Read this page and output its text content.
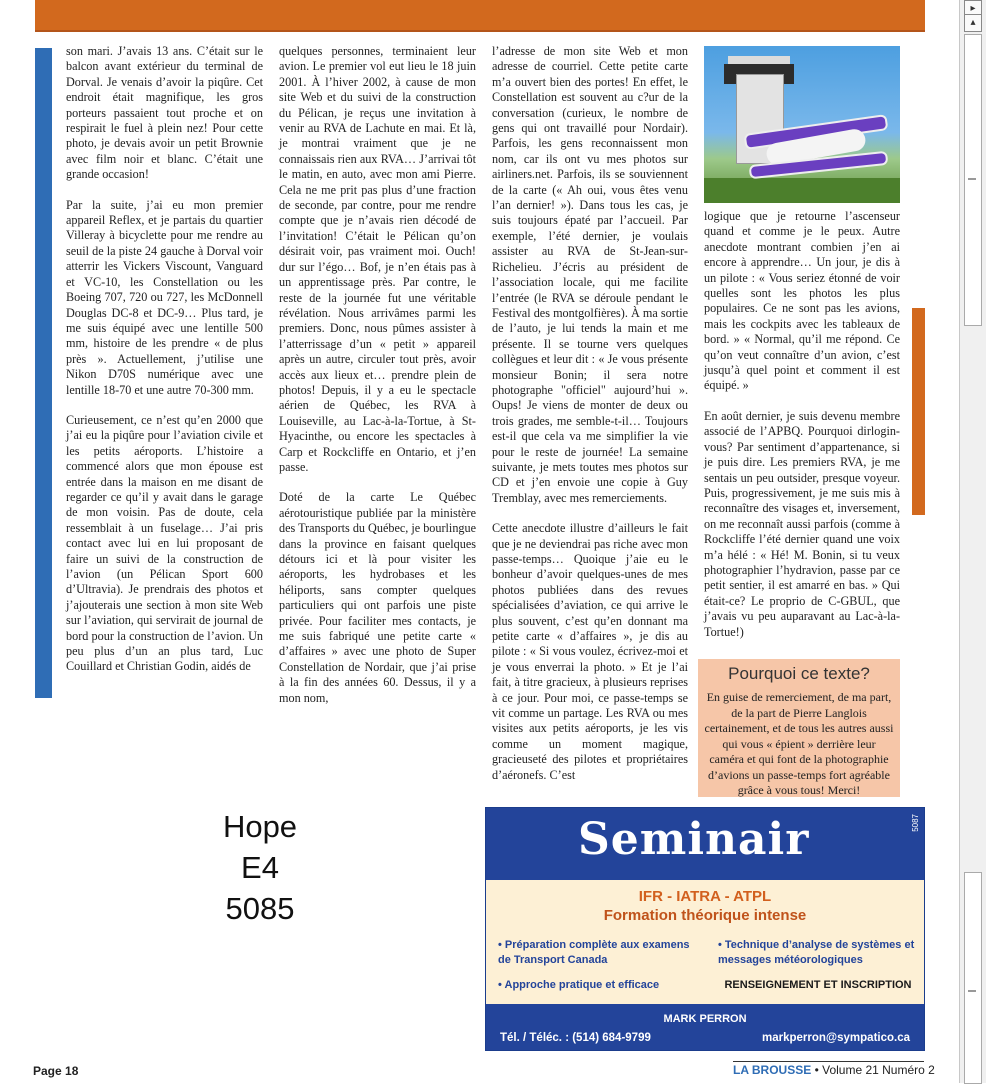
son mari. J’avais 13 ans. C’était sur le balcon avant extérieur du terminal de Dorval. Je venais d’avoir la piqûre. Cet endroit était magnifique, les gros porteurs passaient tout proche et on respirait le fuel à plein nez! Pour cette photo, je devais avoir un petit Brownie avec film noir et blanc. C’était une grande occasion!

Par la suite, j’ai eu mon premier appareil Reflex, et je partais du quartier Villeray à bicyclette pour me rendre au seuil de la piste 24 gauche à Dorval voir atterrir les Vickers Viscount, Vanguard et VC-10, les Constellation ou les Boeing 707, 720 ou 727, les McDonnell Douglas DC-8 et DC-9… Plus tard, je me suis équipé avec une lentille 500 mm, histoire de les prendre « de plus près ». Actuellement, j’utilise une Nikon D70S numérique avec une lentille 18-70 et une autre 70-300 mm.

Curieusement, ce n’est qu’en 2000 que j’ai eu la piqûre pour l’aviation civile et les petits aéroports. L’histoire a commencé alors que mon épouse est entrée dans la maison en me disant de regarder ce qu’il y avait dans le garage de mon voisin. Pas de doute, cela ressemblait à un fuselage… J’ai pris contact avec lui en lui proposant de faire un suivi de la construction de l’avion (un Pélican Sport 600 d’Ultravia). Je prendrais des photos et j’ajouterais une section à mon site Web sur l’aviation, qui servirait de journal de bord pour la construction de l’avion. Un peu plus d’un an plus tard, Luc Couillard et Christian Godin, aidés de

quelques personnes, terminaient leur avion. Le premier vol eut lieu le 18 juin 2001. À l’hiver 2002, à cause de mon site Web et du suivi de la construction du Pélican, je reçus une invitation à venir au RVA de Lachute en mai. Et là, je montrai vraiment que je ne connaissais rien aux RVA… J’arrivai tôt le matin, en auto, avec mon ami Pierre. Cela ne me prit pas plus d’une fraction de seconde, par contre, pour me rendre compte que je n’avais rien décodé de l’invitation! C’était le Pélican qu’on désirait voir, pas vraiment moi. Ouch! dur sur l’égo… Bof, je n’en étais pas à un apprentissage près. Par contre, le reste de la journée fut une véritable révélation. Nous arrivâmes parmi les premiers. Donc, nous pûmes assister à l’atterrissage d’un « petit » appareil après un autre, circuler tout près, avoir accès aux lieux et… prendre plein de photos! Depuis, il y a eu le spectacle aérien de Québec, les RVA à Louiseville, au Lac-à-la-Tortue, à St-Hyacinthe, ou encore les spectacles à Carp et Rockcliffe en Ontario, et j’en passe.

Doté de la carte Le Québec aérotouristique publiée par la ministère des Transports du Québec, je bourlingue dans la province en faisant quelques détours ici et là pour visiter les aéroports, les hydrobases et les héliports, sans compter quelques particuliers qui ont parfois une piste privée. Pour faciliter mes contacts, je me suis fabriqué une petite carte « d’affaires » avec une photo de Super Constellation de Nordair, que j’ai prise à la fin des années 60. Dessus, il y a mon nom,

l’adresse de mon site Web et mon adresse de courriel. Cette petite carte m’a ouvert bien des portes! En effet, le Constellation est souvent au c?ur de la conversation (curieux, le nombre de gens qui ont travaillé pour Nordair). Parfois, les gens reconnaissent mon nom, car ils ont vu mes photos sur airliners.net. Parfois, ils se souviennent de la carte (« Ah oui, vous êtes venu l’an dernier! »). Dans tous les cas, je suis toujours épaté par l’accueil. Par exemple, l’été dernier, je voulais assister au RVA de St-Jean-sur-Richelieu. J’écris au président de l’association locale, qui me facilite l’entrée (le RVA se déroule pendant le Festival des montgolfières). À ma sortie de l’auto, je lui tends la main et me présente. Il se tourne vers quelques collègues et leur dit : « Je vous présente monsieur Bonin; il sera notre photographe "officiel" aujourd’hui ». Oups! Je viens de monter de deux ou trois grades, me semble-t-il… Toujours est-il que cela va me simplifier la vie pour le reste de journée! La semaine suivante, je mets toutes mes photos sur CD et j’en envoie une copie à Guy Tremblay, avec mes remerciements.

Cette anecdote illustre d’ailleurs le fait que je ne deviendrai pas riche avec mon passe-temps… Quoique j’aie eu le bonheur d’avoir quelques-unes de mes photos publiées dans des revues spécialisées d’aviation, ce qui arrive le plus souvent, c’est qu’en donnant ma petite carte « d’affaires », je dis au pilote : « Si vous voulez, écrivez-moi et je vous enverrai la photo. » Et je l’ai fait, à titre gracieux, à plusieurs reprises à ce jour. Pour moi, ce passe-temps se vit comme un partage. Les RVA ou mes visites aux petits aéroports, je les vis comme un moment magique, gracieuseté des pilotes et propriétaires d’aéronefs. C’est

logique que je retourne l’ascenseur quand et comme je le peux. Autre anecdote montrant combien j’en ai encore à apprendre… Un jour, je dis à un pilote : « Vous seriez étonné de voir quelles sont les photos les plus populaires. Ce ne sont pas les avions, mais les cockpits avec les tableaux de bord. » « Normal, qu’il me répond. Ce qu’on veut connaître d’un avion, c’est jusqu’à quel point et comment il est équipé. »

En août dernier, je suis devenu membre associé de l’APBQ. Pourquoi dirlogin-vous? Par sentiment d’appartenance, si je puis dire. Les premiers RVA, je me sentais un peu outsider, presque voyeur. Puis, progressivement, je me suis mis à reconnaître des visages et, inversement, on me reconnaît aussi parfois (comme à Rockcliffe l’été dernier quand une voix m’a hélé : « Hé! M. Bonin, si tu veux photographier l’hydravion, passe par ce petit sentier, il est amarré en bas. » Qui était-ce? Le proprio de C-GBUL, que j’avais vu peu auparavant au Lac-à-la-Tortue!)

Pourquoi ce texte?
En guise de remerciement, de ma part, de la part de Pierre Langlois certainement, et de tous les autres aussi qui vous « épient » derrière leur caméra et qui font de la photographie d’avions un passe-temps fort agréable grâce à vous tous! Merci!
Hope
E4
5085
Seminair	5087
IFR - IATRA - ATPL
Formation théorique intense
• Préparation complète aux examens de Transport Canada
• Technique d’analyse de systèmes et messages météorologiques
• Approche pratique et efficace	RENSEIGNEMENT ET INSCRIPTION
MARK PERRON
Tél. / Téléc. : (514) 684-9799	markperron@sympatico.ca
Page 18	LA BROUSSE • Volume 21 Numéro 2
▸
▴
